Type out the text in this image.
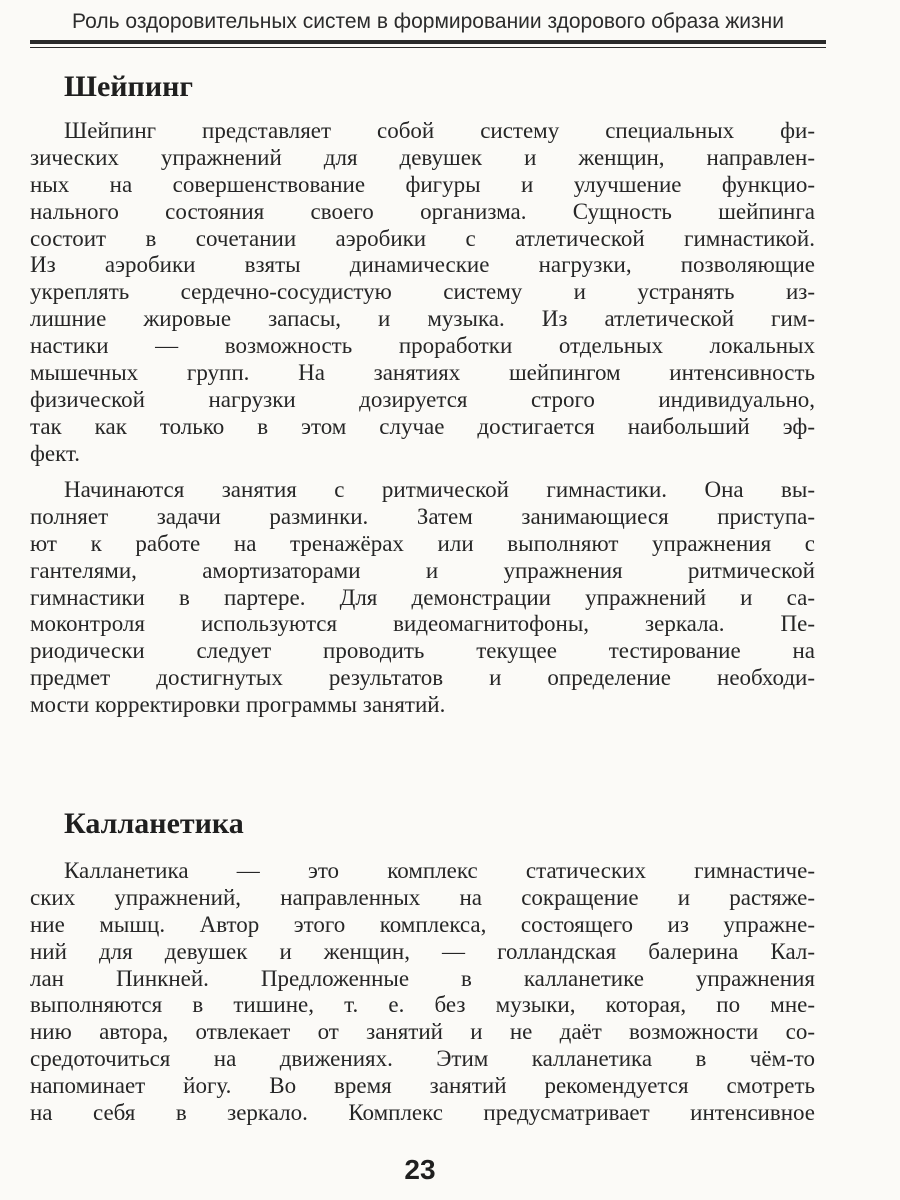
Роль оздоровительных систем в формировании здорового образа жизни
Шейпинг

Шейпинг представляет собой систему специальных фи-
зических упражнений для девушек и женщин, направлен-
ных на совершенствование фигуры и улучшение функцио-
нального состояния своего организма. Сущность шейпинга
состоит в сочетании аэробики с атлетической гимнастикой.
Из аэробики взяты динамические нагрузки, позволяющие
укреплять сердечно-сосудистую систему и устранять из-
лишние жировые запасы, и музыка. Из атлетической гим-
настики — возможность проработки отдельных локальных
мышечных групп. На занятиях шейпингом интенсивность
физической нагрузки дозируется строго индивидуально,
так как только в этом случае достигается наибольший эф-
фект.

Начинаются занятия с ритмической гимнастики. Она вы-
полняет задачи разминки. Затем занимающиеся приступа-
ют к работе на тренажёрах или выполняют упражнения с
гантелями, амортизаторами и упражнения ритмической
гимнастики в партере. Для демонстрации упражнений и са-
моконтроля используются видеомагнитофоны, зеркала. Пе-
риодически следует проводить текущее тестирование на
предмет достигнутых результатов и определение необходи-
мости корректировки программы занятий.

Калланетика

Калланетика — это комплекс статических гимнастиче-
ских упражнений, направленных на сокращение и растяже-
ние мышц. Автор этого комплекса, состоящего из упражне-
ний для девушек и женщин, — голландская балерина Кал-
лан Пинкней. Предложенные в калланетике упражнения
выполняются в тишине, т. е. без музыки, которая, по мне-
нию автора, отвлекает от занятий и не даёт возможности со-
средоточиться на движениях. Этим калланетика в чём-то
напоминает йогу. Во время занятий рекомендуется смотреть
на себя в зеркало. Комплекс предусматривает интенсивное

23
